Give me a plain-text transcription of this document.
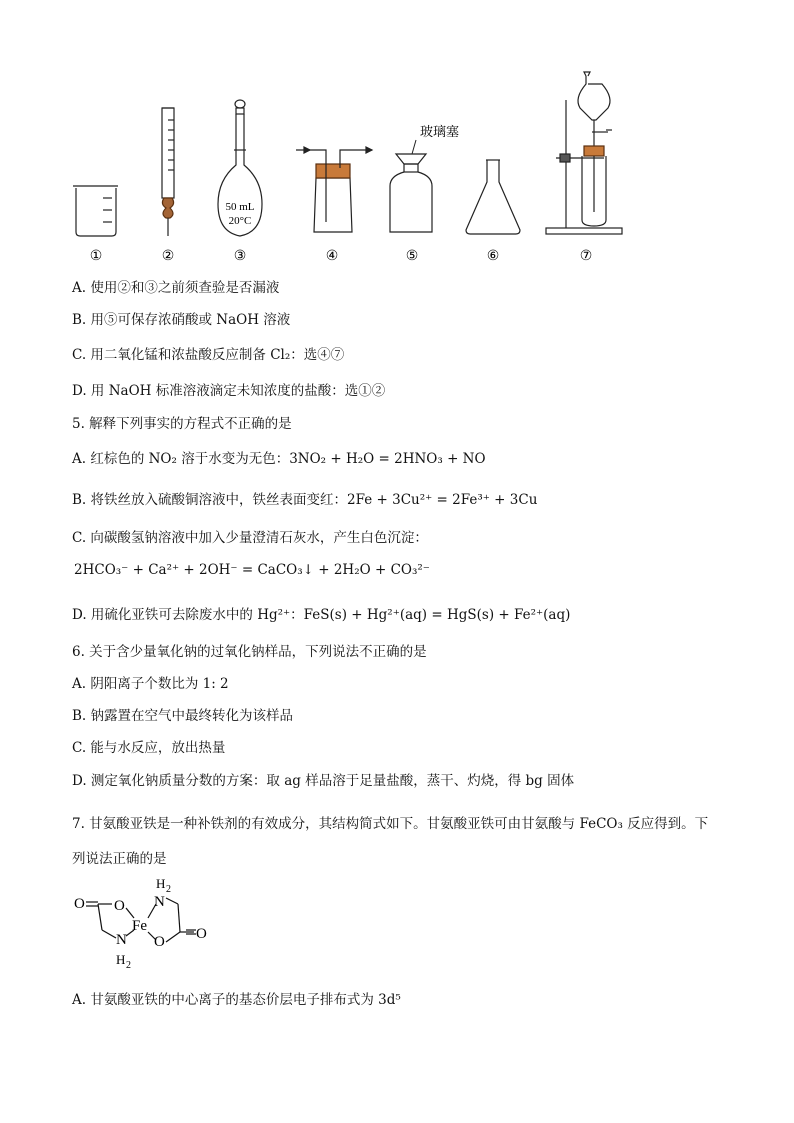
50 mL
20°C
玻璃塞
①	②	③	④	⑤	⑥	⑦
A. 使用②和③之前须查验是否漏液
B. 用⑤可保存浓硝酸或 NaOH 溶液
C. 用二氧化锰和浓盐酸反应制备 Cl₂：选④⑦
D. 用 NaOH 标准溶液滴定未知浓度的盐酸：选①②
5. 解释下列事实的方程式不正确的是
A. 红棕色的 NO₂ 溶于水变为无色：3NO₂ + H₂O = 2HNO₃ + NO
B. 将铁丝放入硫酸铜溶液中，铁丝表面变红：2Fe + 3Cu²⁺ = 2Fe³⁺ + 3Cu
C. 向碳酸氢钠溶液中加入少量澄清石灰水，产生白色沉淀：
2HCO₃⁻ + Ca²⁺ + 2OH⁻ = CaCO₃↓ + 2H₂O + CO₃²⁻
D. 用硫化亚铁可去除废水中的 Hg²⁺：FeS(s) + Hg²⁺(aq) = HgS(s) + Fe²⁺(aq)
6. 关于含少量氧化钠的过氧化钠样品，下列说法不正确的是
A. 阴阳离子个数比为 1: 2
B. 钠露置在空气中最终转化为该样品
C. 能与水反应，放出热量
D. 测定氧化钠质量分数的方案：取 ag 样品溶于足量盐酸，蒸干、灼烧，得 bg 固体
7. 甘氨酸亚铁是一种补铁剂的有效成分，其结构简式如下。甘氨酸亚铁可由甘氨酸与 FeCO₃ 反应得到。下
列说法正确的是
O O
Fe
N
H 2
N
H 2
O O
A. 甘氨酸亚铁的中心离子的基态价层电子排布式为 3d⁵
